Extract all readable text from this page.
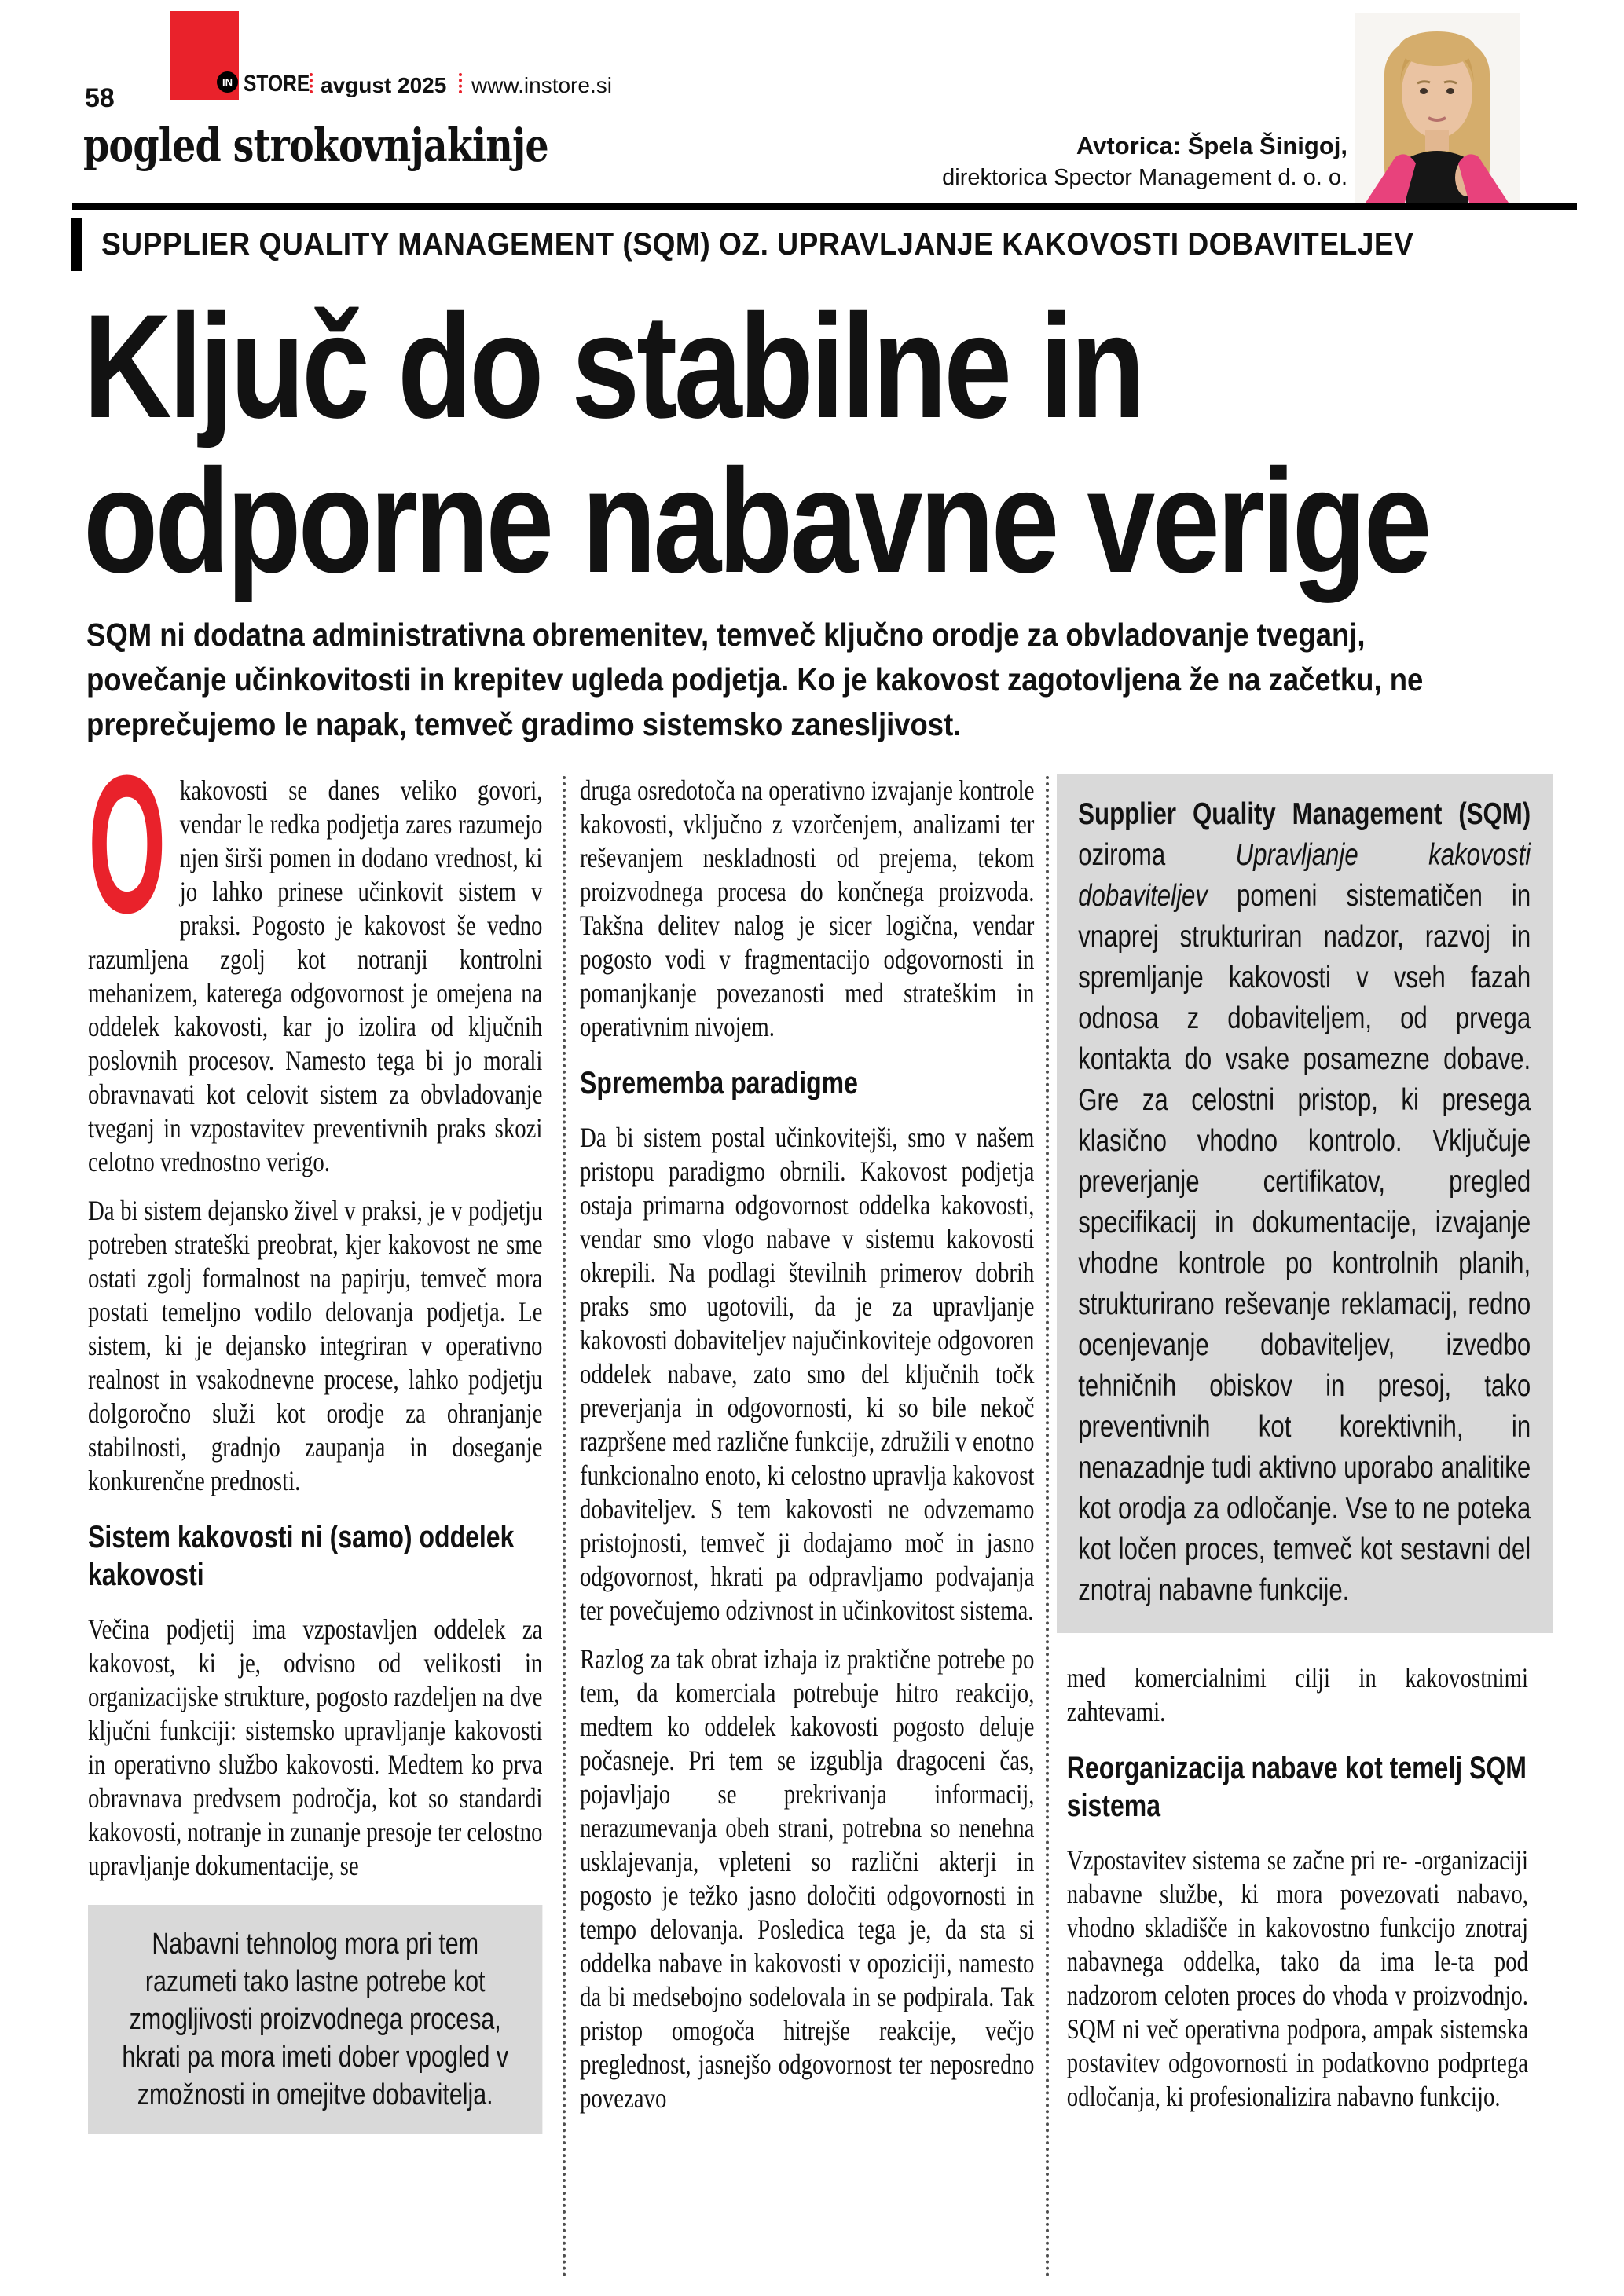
58
IN STORE avgust 2025 www.instore.si
pogled strokovnjakinje	Avtorica: Špela Šinigoj,
direktorica Spector Management d. o. o.
SUPPLIER QUALITY MANAGEMENT (SQM) OZ. UPRAVLJANJE KAKOVOSTI DOBAVITELJEV
Ključ do stabilne in
odporne nabavne verige
SQM ni dodatna administrativna obremenitev, temveč ključno orodje za obvladovanje tveganj, povečanje učinkovitosti in krepitev ugleda podjetja. Ko je kakovost zagotovljena že na začetku, ne preprečujemo le napak, temveč gradimo sistemsko zanesljivost.

O kakovosti se danes veliko govori, vendar le redka podjetja zares razumejo njen širši pomen in dodano vrednost, ki jo lahko prinese učinkovit sistem v praksi. Pogosto je kakovost še vedno razumljena zgolj kot notranji kontrolni mehanizem, katerega odgovornost je omejena na oddelek kakovosti, kar jo izolira od ključnih poslovnih procesov. Namesto tega bi jo morali obravnavati kot celovit sistem za obvladovanje tveganj in vzpostavitev preventivnih praks skozi celotno vrednostno verigo.

Da bi sistem dejansko živel v praksi, je v podjetju potreben strateški preobrat, kjer kakovost ne sme ostati zgolj formalnost na papirju, temveč mora postati temeljno vodilo delovanja podjetja. Le sistem, ki je dejansko integriran v operativno realnost in vsakodnevne procese, lahko podjetju dolgoročno služi kot orodje za ohranjanje stabilnosti, gradnjo zaupanja in doseganje konkurenčne prednosti.

Sistem kakovosti ni (samo) oddelek kakovosti

Večina podjetij ima vzpostavljen oddelek za kakovost, ki je, odvisno od velikosti in organizacijske strukture, pogosto razdeljen na dve ključni funkciji: sistemsko upravljanje kakovosti in operativno službo kakovosti. Medtem ko prva obravnava predvsem področja, kot so standardi kakovosti, notranje in zunanje presoje ter celostno upravljanje dokumentacije, se

Nabavni tehnolog mora pri tem razumeti tako lastne potrebe kot zmogljivosti proizvodnega procesa, hkrati pa mora imeti dober vpogled v zmožnosti in omejitve dobavitelja.

druga osredotoča na operativno izvajanje kontrole kakovosti, vključno z vzorčenjem, analizami ter reševanjem neskladnosti od prejema, tekom proizvodnega procesa do končnega proizvoda. Takšna delitev nalog je sicer logična, vendar pogosto vodi v fragmentacijo odgovornosti in pomanjkanje povezanosti med strateškim in operativnim nivojem.

Sprememba paradigme

Da bi sistem postal učinkovitejši, smo v našem pristopu paradigmo obrnili. Kakovost podjetja ostaja primarna odgovornost oddelka kakovosti, vendar smo vlogo nabave v sistemu kakovosti okrepili. Na podlagi številnih primerov dobrih praks smo ugotovili, da je za upravljanje kakovosti dobaviteljev najučinkoviteje odgovoren oddelek nabave, zato smo del ključnih točk preverjanja in odgovornosti, ki so bile nekoč razpršene med različne funkcije, združili v enotno funkcionalno enoto, ki celostno upravlja kakovost dobaviteljev. S tem kakovosti ne odvzemamo pristojnosti, temveč ji dodajamo moč in jasno odgovornost, hkrati pa odpravljamo podvajanja ter povečujemo odzivnost in učinkovitost sistema.

Razlog za tak obrat izhaja iz praktične potrebe po tem, da komerciala potrebuje hitro reakcijo, medtem ko oddelek kakovosti pogosto deluje počasneje. Pri tem se izgublja dragoceni čas, pojavljajo se prekrivanja informacij, nerazumevanja obeh strani, potrebna so nenehna usklajevanja, vpleteni so različni akterji in pogosto je težko jasno določiti odgovornosti in tempo delovanja. Posledica tega je, da sta si oddelka nabave in kakovosti v opoziciji, namesto da bi medsebojno sodelovala in se podpirala. Tak pristop omogoča hitrejše reakcije, večjo preglednost, jasnejšo odgovornost ter neposredno povezavo

Supplier Quality Management (SQM) oziroma Upravljanje kakovosti dobaviteljev pomeni sistematičen in vnaprej strukturiran nadzor, razvoj in spremljanje kakovosti v vseh fazah odnosa z dobaviteljem, od prvega kontakta do vsake posamezne dobave. Gre za celostni pristop, ki presega klasično vhodno kontrolo. Vključuje preverjanje certifikatov, pregled specifikacij in dokumentacije, izvajanje vhodne kontrole po kontrolnih planih, strukturirano reševanje reklamacij, redno ocenjevanje dobaviteljev, izvedbo tehničnih obiskov in presoj, tako preventivnih kot korektivnih, in nenazadnje tudi aktivno uporabo analitike kot orodja za odločanje. Vse to ne poteka kot ločen proces, temveč kot sestavni del znotraj nabavne funkcije.

med komercialnimi cilji in kakovostnimi zahtevami.

Reorganizacija nabave kot temelj SQM sistema

Vzpostavitev sistema se začne pri re- -organizaciji nabavne službe, ki mora povezovati nabavo, vhodno skladišče in kakovostno funkcijo znotraj nabavnega oddelka, tako da ima le-ta pod nadzorom celoten proces do vhoda v proizvodnjo. SQM ni več operativna podpora, ampak sistemska postavitev odgovornosti in podatkovno podprtega odločanja, ki profesionalizira nabavno funkcijo.
